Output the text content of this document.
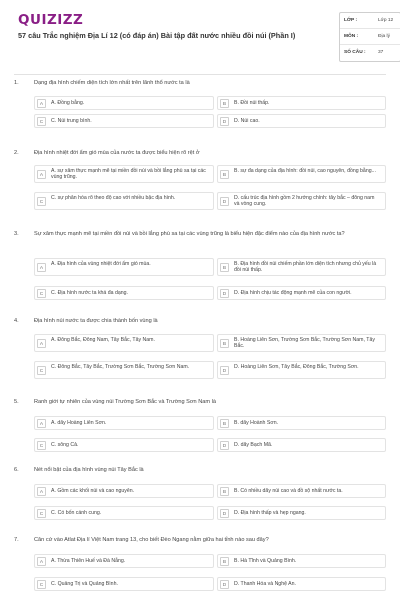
QUIZIZZ
57 câu Trắc nghiệm Địa Lí 12 (có đáp án) Bài tập đất nước nhiều đồi núi (Phần I)
LỚP :	Lớp 12
MÔN :	Địa lý
SỐ CÂU :	37
1.	Dạng địa hình chiếm diện tích lớn nhất trên lãnh thổ nước ta là
A	A. Đồng bằng.	B	B. Đồi núi thấp.
C	C. Núi trung bình.	D	D. Núi cao.
2.	Địa hình nhiệt đới ẩm gió mùa của nước ta được biểu hiện rõ rệt ở
A
A. sự xâm thực mạnh mẽ tại miền đồi núi và bồi lắng phù sa tại các vùng trũng.	B
B. sự đa dạng của địa hình: đồi núi, cao nguyên, đồng bằng...
C
C. sự phân hóa rõ theo độ cao với nhiều bậc địa hình.
D
D. cấu trúc địa hình gồm 2 hướng chính: tây bắc – đông nam và vòng cung.
3.	Sự xâm thực mạnh mẽ tại miền đồi núi và bồi lắng phù sa tại các vùng trũng là biểu hiện đặc điểm nào của địa hình nước ta?
A
A. Địa hình của vùng nhiệt đới ẩm gió mùa.
B
B. Địa hình đồi núi chiếm phần lớn diện tích nhưng chủ yếu là đồi núi thấp.
C	C. Địa hình nước ta khá đa dạng.	D	D. Địa hình chịu tác động mạnh mẽ của con người.
4.	Địa hình núi nước ta được chia thành bốn vùng là
A
A. Đông Bắc, Đông Nam, Tây Bắc, Tây Nam.
B
B. Hoàng Liên Sơn, Trường Sơn Bắc, Trường Sơn Nam, Tây Bắc.
C
C. Đông Bắc, Tây Bắc, Trường Sơn Bắc, Trường Sơn Nam.
D
D. Hoàng Liên Sơn, Tây Bắc, Đông Bắc, Trường Sơn.
5.	Ranh giới tự nhiên của vùng núi Trường Sơn Bắc và Trường Sơn Nam là
A	A. dãy Hoàng Liên Sơn.	B	B. dãy Hoành Sơn.
C	C. sông Cả.	D	D. dãy Bạch Mã.
6.	Nét nổi bật của địa hình vùng núi Tây Bắc là
A	A. Gồm các khối núi và cao nguyên.	B	B. Có nhiều dãy núi cao và đồ sộ nhất nước ta.
C	C. Có bốn cánh cung.	D	D. Địa hình thấp và hẹp ngang.
7.	Căn cứ vào Atlat Địa lí Việt Nam trang 13, cho biết Đèo Ngang nằm giữa hai tỉnh nào sau đây?
A	A. Thừa Thiên Huế và Đà Nẵng.	B	B. Hà Tĩnh và Quảng Bình.
C	C. Quảng Trị và Quảng Bình.	D	D. Thanh Hóa và Nghệ An.
